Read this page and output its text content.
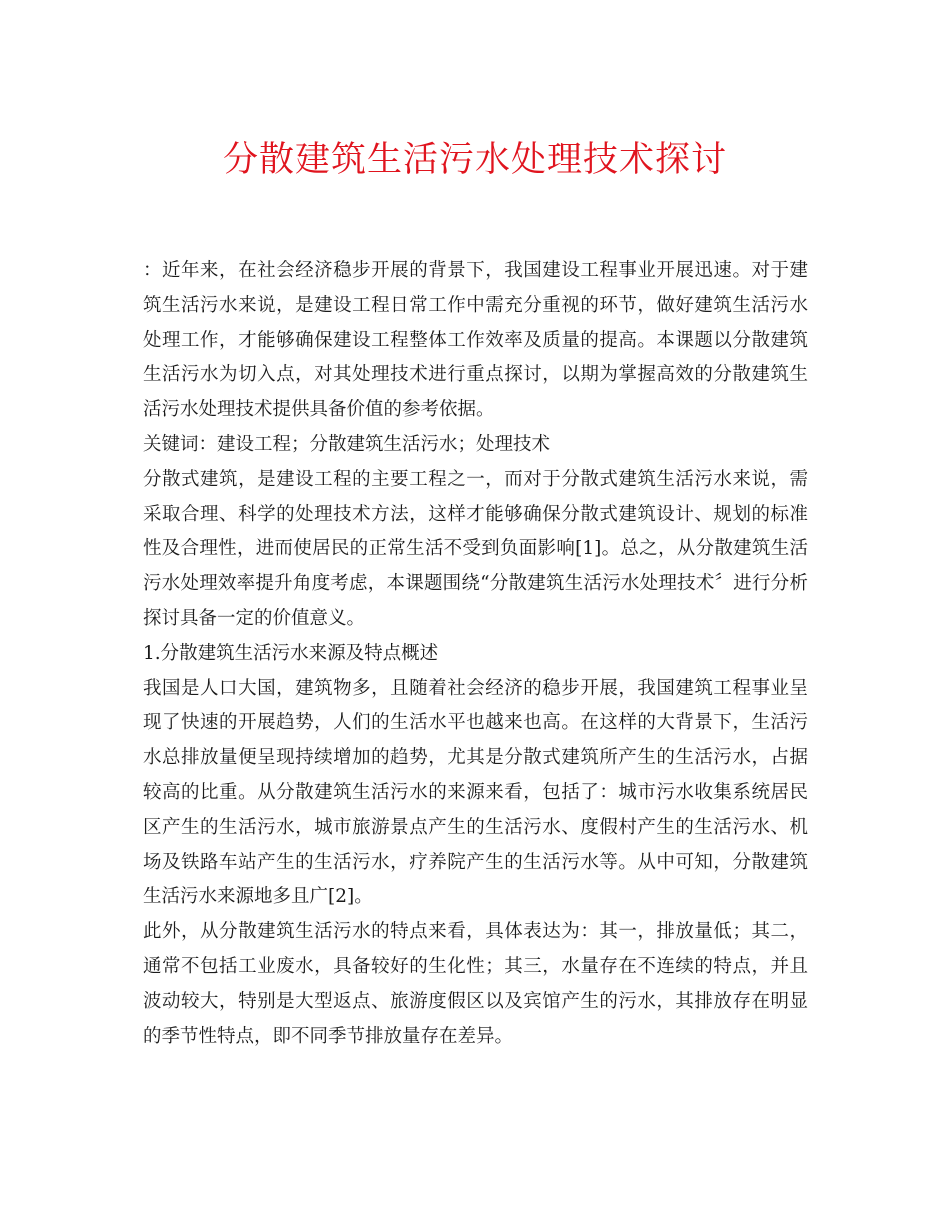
分散建筑生活污水处理技术探讨

：近年来，在社会经济稳步开展的背景下，我国建设工程事业开展迅速。对于建筑生活污水来说，是建设工程日常工作中需充分重视的环节，做好建筑生活污水处理工作，才能够确保建设工程整体工作效率及质量的提高。本课题以分散建筑生活污水为切入点，对其处理技术进行重点探讨，以期为掌握高效的分散建筑生活污水处理技术提供具备价值的参考依据。

关键词：建设工程；分散建筑生活污水；处理技术

分散式建筑，是建设工程的主要工程之一，而对于分散式建筑生活污水来说，需采取合理、科学的处理技术方法，这样才能够确保分散式建筑设计、规划的标准性及合理性，进而使居民的正常生活不受到负面影响[1]。总之，从分散建筑生活污水处理效率提升角度考虑，本课题围绕“分散建筑生活污水处理技术〞进行分析探讨具备一定的价值意义。

1.分散建筑生活污水来源及特点概述

我国是人口大国，建筑物多，且随着社会经济的稳步开展，我国建筑工程事业呈现了快速的开展趋势，人们的生活水平也越来也高。在这样的大背景下，生活污水总排放量便呈现持续增加的趋势，尤其是分散式建筑所产生的生活污水，占据较高的比重。从分散建筑生活污水的来源来看，包括了：城市污水收集系统居民区产生的生活污水，城市旅游景点产生的生活污水、度假村产生的生活污水、机场及铁路车站产生的生活污水，疗养院产生的生活污水等。从中可知，分散建筑生活污水来源地多且广[2]。

此外，从分散建筑生活污水的特点来看，具体表达为：其一，排放量低；其二，通常不包括工业废水，具备较好的生化性；其三，水量存在不连续的特点，并且波动较大，特别是大型返点、旅游度假区以及宾馆产生的污水，其排放存在明显的季节性特点，即不同季节排放量存在差异。
